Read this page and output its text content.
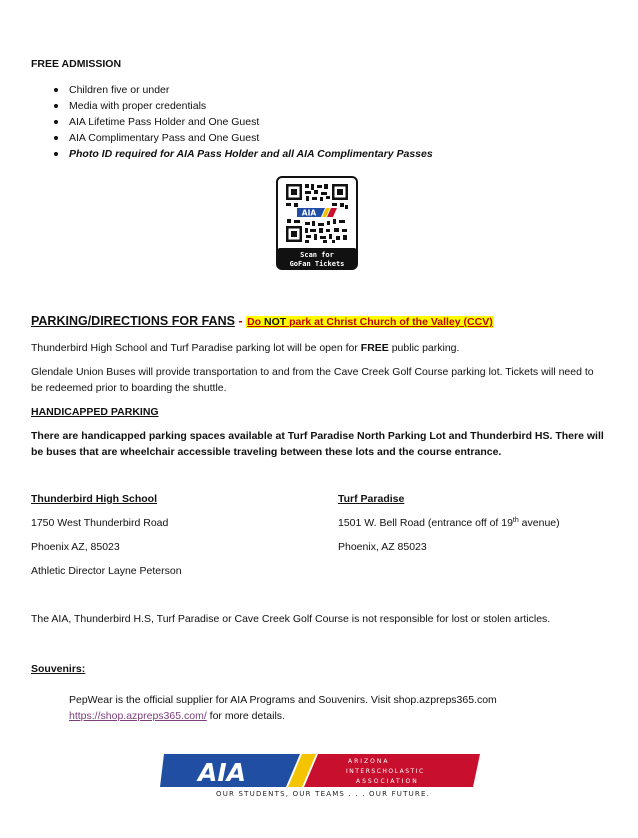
FREE ADMISSION
Children five or under
Media with proper credentials
AIA Lifetime Pass Holder and One Guest
AIA Complimentary Pass and One Guest
Photo ID required for AIA Pass Holder and all AIA Complimentary Passes
AIA
Scan for
GoFan Tickets
PARKING/DIRECTIONS FOR FANS - Do NOT park at Christ Church of the Valley (CCV)
Thunderbird High School and Turf Paradise parking lot will be open for FREE public parking.
Glendale Union Buses will provide transportation to and from the Cave Creek Golf Course parking lot. Tickets will need to be redeemed prior to boarding the shuttle.
HANDICAPPED PARKING
There are handicapped parking spaces available at Turf Paradise North Parking Lot and Thunderbird HS. There will be buses that are wheelchair accessible traveling between these lots and the course entrance.
Thunderbird High School
1750 West Thunderbird Road
Phoenix AZ, 85023
Athletic Director Layne Peterson
Turf Paradise
1501 W. Bell Road (entrance off of 19th avenue)
Phoenix, AZ 85023
The AIA, Thunderbird H.S, Turf Paradise or Cave Creek Golf Course is not responsible for lost or stolen articles.
Souvenirs:
PepWear is the official supplier for AIA Programs and Souvenirs. Visit shop.azpreps365.com
https://shop.azpreps365.com/ for more details.
AIA	ARIZONA
INTERSCHOLASTIC
ASSOCIATION
OUR STUDENTS, OUR TEAMS . . . OUR FUTURE.
